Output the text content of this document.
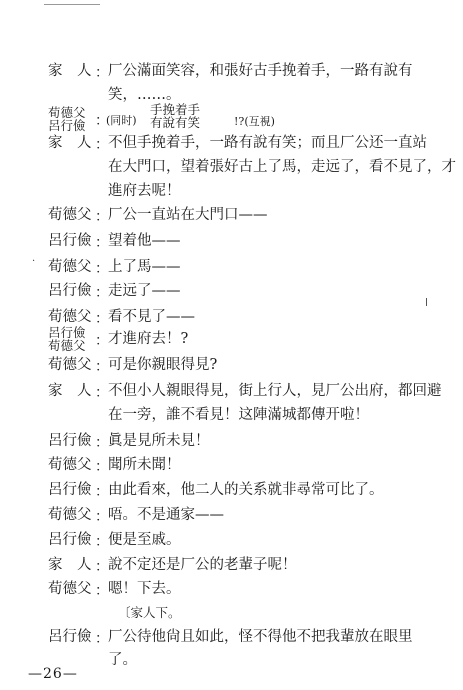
家　人 ： 厂公滿面笑容，和張好古手挽着手，一路有說有
笑，……。
荀德父
呂行儉 ：
(同时)
手挽着手
有說有笑	!?(互視)
家　人 ： 不但手挽着手，一路有說有笑；而且厂公还一直站
在大門口，望着張好古上了馬，走远了，看不見了，才
進府去呢！
荀德父 ： 厂公一直站在大門口——
呂行儉 ： 望着他——
荀德父 ： 上了馬——
呂行儉 ： 走远了——
荀德父 ： 看不見了——
呂行儉
荀德父 ： 才進府去！?
荀德父 ： 可是你親眼得見?
家　人 ： 不但小人親眼得見，街上行人，見厂公出府，都回避
在一旁，誰不看見！这陣滿城都傳开啦！
呂行儉 ： 眞是見所未見！
荀德父 ： 聞所未聞！
呂行儉 ： 由此看來，他二人的关系就非尋常可比了。
荀德父 ： 唔。不是通家——
呂行儉 ： 便是至戚。
家　人 ： 說不定还是厂公的老輩子呢！
荀德父 ： 嗯！下去。
〔家人下。
呂行儉 ： 厂公待他尙且如此，怪不得他不把我輩放在眼里
了。
—26—
·
